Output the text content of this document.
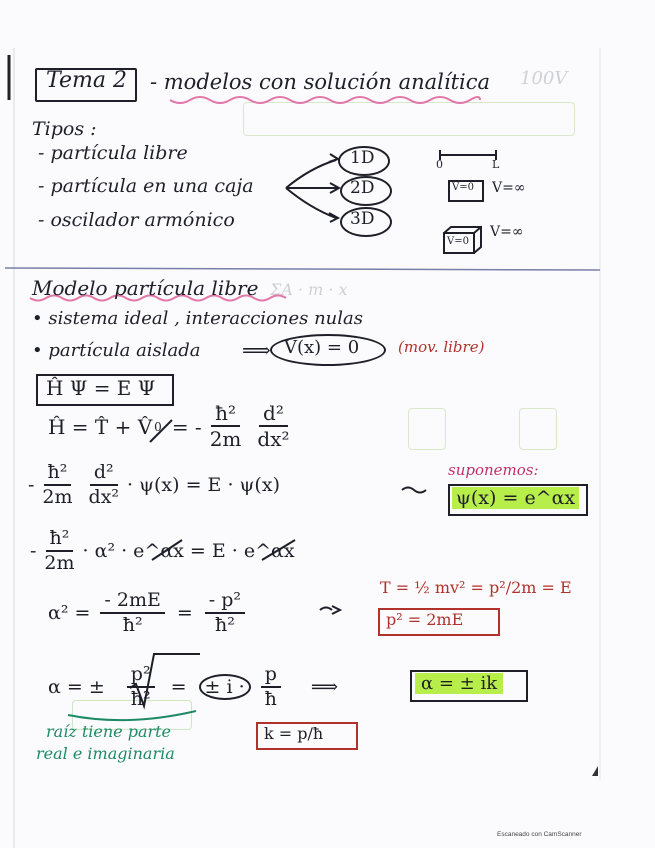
100V
ΣΑ · m · x
Tema 2 - modelos con solución analítica
Tipos :
- partícula libre
- partícula en una caja
- oscilador armónico
1D
2D
3D
0	L
V=0 V=∞
V=0
V=∞
Modelo partícula libre
• sistema ideal , interacciones nulas
• partícula aislada ⟹ V(x) = 0	(mov. libre)
Ĥ Ψ = E Ψ
Ĥ = T̂ + V̂ 0 = - $\frac{\text{ħ²}}{2m} \frac{\text{d²}}{\text{dx²}}$
- $\frac{\text{ħ²}}{2m} \frac{\text{d²}}{\text{dx²}} \cdot \psi(x) = E \cdot \psi(x)$
suponemos:
ψ(x) = e^αx
- $\frac{\text{ħ²}}{2m} \cdot \alpha^2$ · e^αx = E · e^αx
$\alpha^2 = \frac{- 2mE}{\text{ħ²}} = \frac{\text{- p²}}{\text{ħ²}}$
T = ½ mv² = p²/2m = E
p² = 2mE
α = ± $\frac{\text{p²}}{\text{ħ²}}$ = ± $i \cdot \frac{p}{ħ}$ ⟹	α = ± ik
k = p/ħ
raíz tiene parte
real e imaginaria
Escaneado con CamScanner
